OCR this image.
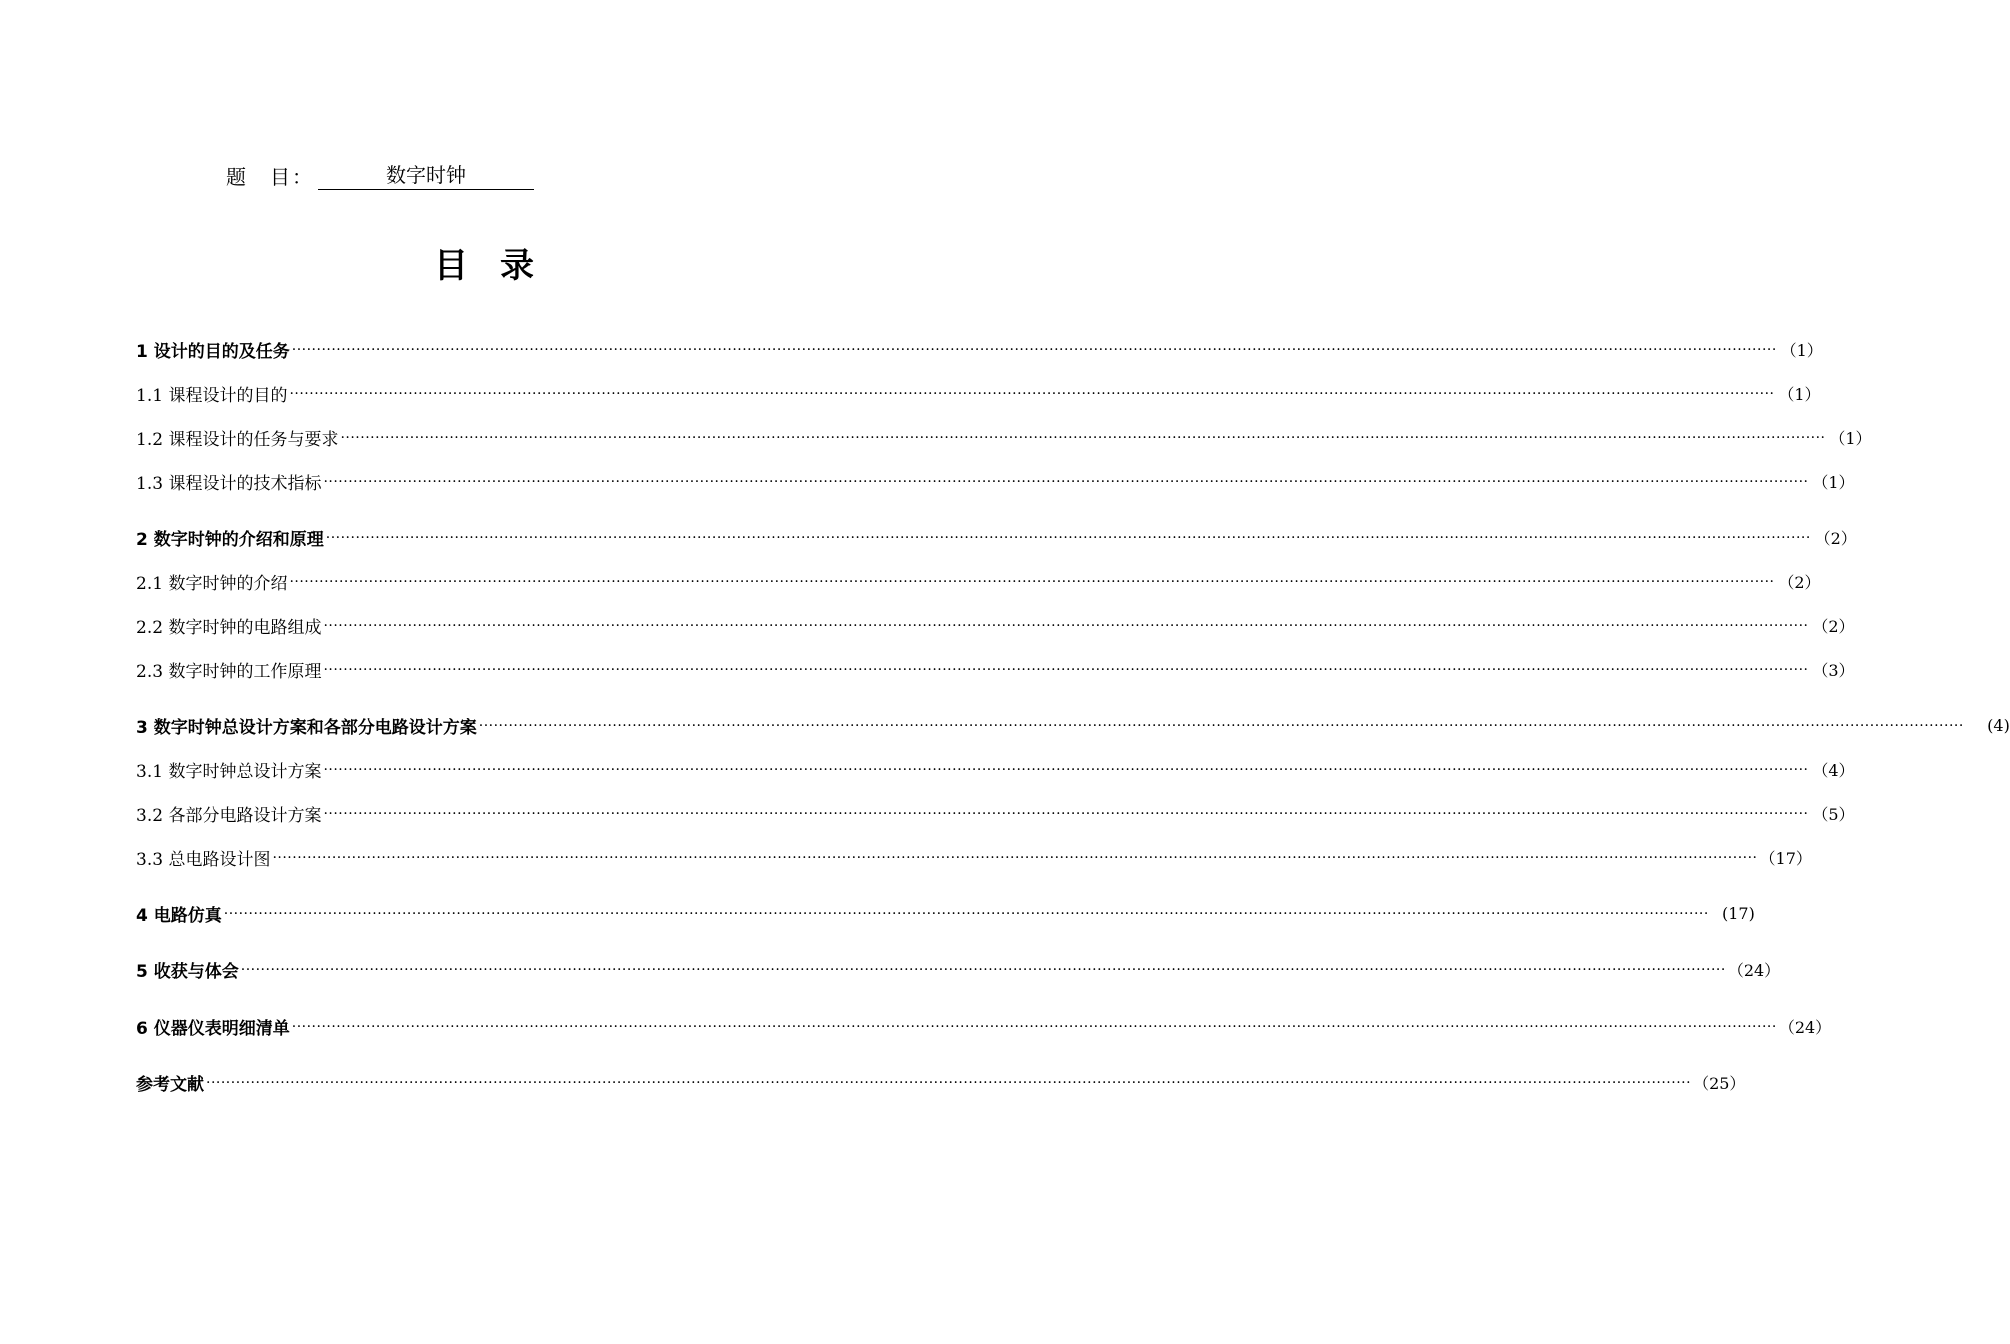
题　目：	数字时钟
目录
1 设计的目的及任务 ············································································································································································································································································································ （1）
1.1 课程设计的目的 ············································································································································································································································································································ （1）
1.2 课程设计的任务与要求 ············································································································································································································································································································ （1）
1.3 课程设计的技术指标 ············································································································································································································································································································ （1）
2 数字时钟的介绍和原理 ············································································································································································································································································································ （2）
2.1 数字时钟的介绍 ············································································································································································································································································································ （2）
2.2 数字时钟的电路组成 ············································································································································································································································································································ （2）
2.3 数字时钟的工作原理 ············································································································································································································································································································ （3）
3 数字时钟总设计方案和各部分电路设计方案 ············································································································································································································································································································	(4)
3.1 数字时钟总设计方案 ············································································································································································································································································································ （4）
3.2 各部分电路设计方案 ············································································································································································································································································································ （5）
3.3 总电路设计图 ············································································································································································································································································································ （17）
4 电路仿真 ············································································································································································································································································································ (17)
5 收获与体会 ············································································································································································································································································································ （24）
6 仪器仪表明细清单 ············································································································································································································································································································ （24）
参考文献 ············································································································································································································································································································ （25）
